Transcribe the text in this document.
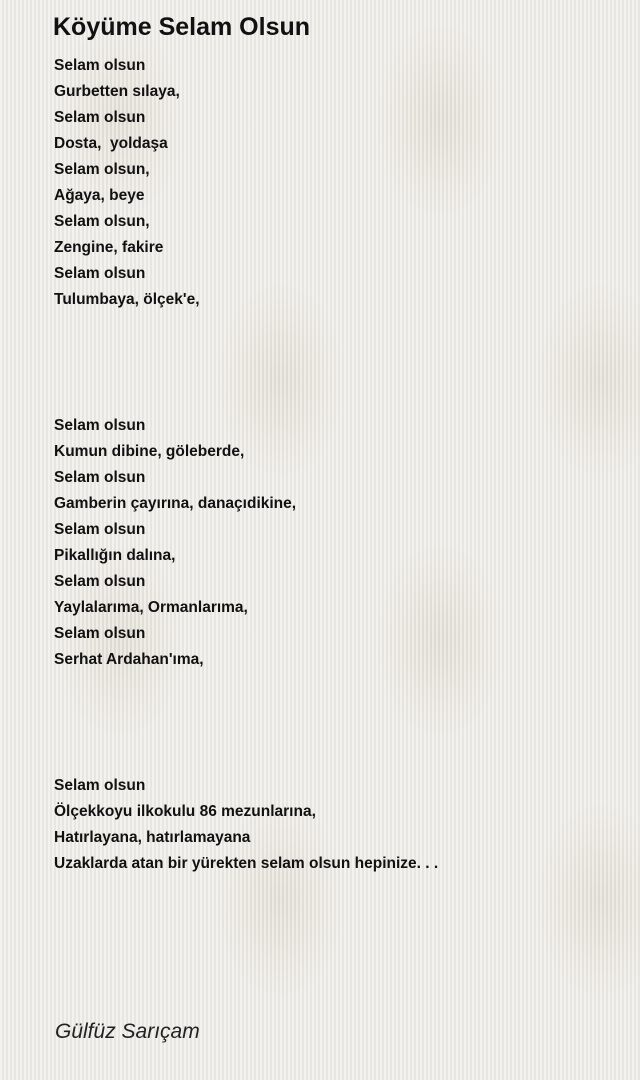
Köyüme Selam Olsun
Selam olsun
Gurbetten sılaya,
Selam olsun
Dosta,  yoldaşa
Selam olsun,
Ağaya, beye
Selam olsun,
Zengine, fakire
Selam olsun
Tulumbaya, ölçek'e,
Selam olsun
Kumun dibine, göleberde,
Selam olsun
Gamberin çayırına, danaçıdikine,
Selam olsun
Pikallığın dalına,
Selam olsun
Yaylalarıma, Ormanlarıma,
Selam olsun
Serhat Ardahan'ıma,
Selam olsun
Ölçekkoyu ilkokulu 86 mezunlarına,
Hatırlayana, hatırlamayana
Uzaklarda atan bir yürekten selam olsun hepinize. . .
Gülfüz Sarıçam
